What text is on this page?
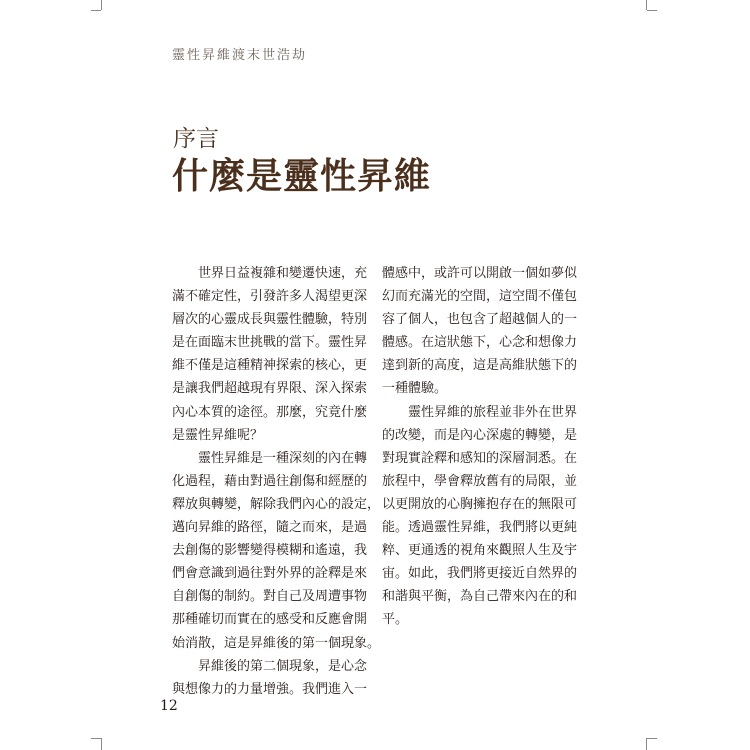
靈性昇維渡末世浩劫
序言
什麼是靈性昇維
　　世界日益複雜和變遷快速，充
滿不確定性，引發許多人渴望更深
層次的心靈成長與靈性體驗，特別
是在面臨末世挑戰的當下。靈性昇
維不僅是這種精神探索的核心，更
是讓我們超越現有界限、深入探索
內心本質的途徑。那麼，究竟什麼
是靈性昇維呢？
　　靈性昇維是一種深刻的內在轉
化過程，藉由對過往創傷和經歷的
釋放與轉變，解除我們內心的設定，
邁向昇維的路徑，隨之而來，是過
去創傷的影響變得模糊和遙遠，我
們會意識到過往對外界的詮釋是來
自創傷的制約。對自己及周遭事物
那種確切而實在的感受和反應會開
始消散，這是昇維後的第一個現象。
　　昇維後的第二個現象，是心念
與想像力的力量增強。我們進入一
體感中，或許可以開啟一個如夢似
幻而充滿光的空間，這空間不僅包
容了個人，也包含了超越個人的一
體感。在這狀態下，心念和想像力
達到新的高度，這是高維狀態下的
一種體驗。
　　靈性昇維的旅程並非外在世界
的改變，而是內心深處的轉變，是
對現實詮釋和感知的深層洞悉。在
旅程中，學會釋放舊有的局限，並
以更開放的心胸擁抱存在的無限可
能。透過靈性昇維，我們將以更純
粹、更通透的視角來觀照人生及宇
宙。如此，我們將更接近自然界的
和諧與平衡，為自己帶來內在的和
平。
12
